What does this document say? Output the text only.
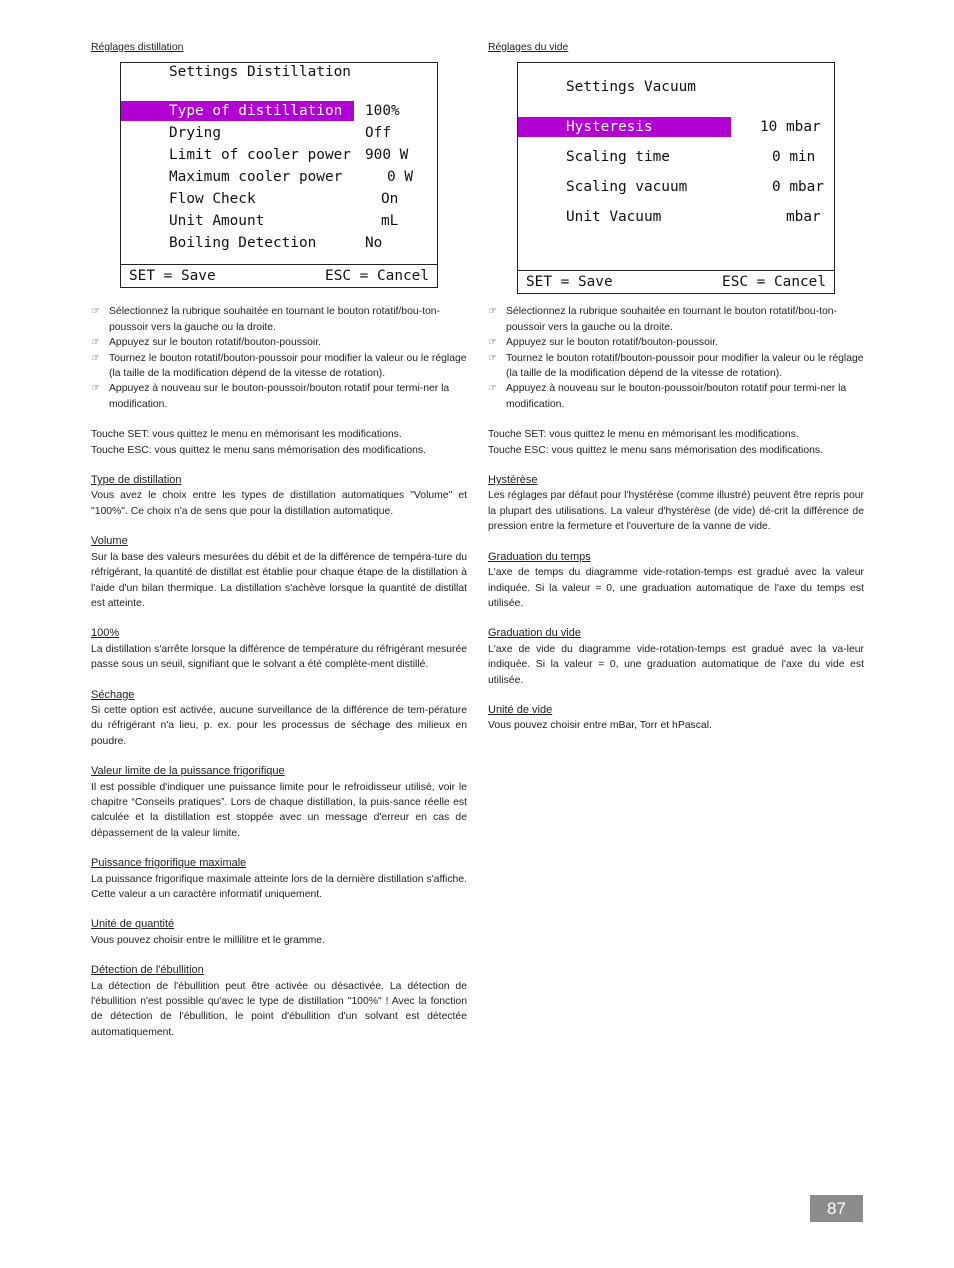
Réglages distillation
Settings Distillation
Type of distillation 100%
Drying	Off
Limit of cooler power 900 W
Maximum cooler power	0 W
Flow Check	On
Unit Amount	mL
Boiling Detection	No
SET = Save	ESC = Cancel
☞ Sélectionnez la rubrique souhaitée en tournant le bouton rotatif/bou-ton-poussoir vers la gauche ou la droite.
☞ Appuyez sur le bouton rotatif/bouton-poussoir.
☞ Tournez le bouton rotatif/bouton-poussoir pour modifier la valeur ou le réglage (la taille de la modification dépend de la vitesse de rotation).
☞ Appuyez à nouveau sur le bouton-poussoir/bouton rotatif pour termi-ner la modification.

Touche SET: vous quittez le menu en mémorisant les modifications.

Touche ESC: vous quittez le menu sans mémorisation des modifications.

Type de distillation

Vous avez le choix entre les types de distillation automatiques "Volume" et "100%". Ce choix n'a de sens que pour la distillation automatique.

Volume

Sur la base des valeurs mesurées du débit et de la différence de tempéra-ture du réfrigérant, la quantité de distillat est établie pour chaque étape de la distillation à l'aide d'un bilan thermique. La distillation s'achève lorsque la quantité de distillat est atteinte.

100%

La distillation s'arrête lorsque la différence de température du réfrigérant mesurée passe sous un seuil, signifiant que le solvant a été complète-ment distillé.

Séchage

Si cette option est activée, aucune surveillance de la différence de tem-pérature du réfrigérant n'a lieu, p. ex. pour les processus de séchage des milieux en poudre.

Valeur limite de la puissance frigorifique

Il est possible d'indiquer une puissance limite pour le refroidisseur utilisé, voir le chapitre “Conseils pratiques”. Lors de chaque distillation, la puis-sance réelle est calculée et la distillation est stoppée avec un message d'erreur en cas de dépassement de la valeur limite.

Puissance frigorifique maximale

La puissance frigorifique maximale atteinte lors de la dernière distillation s'affiche. Cette valeur a un caractère informatif uniquement.

Unité de quantité

Vous pouvez choisir entre le millilitre et le gramme.

Détection de l'ébullition

La détection de l'ébullition peut être activée ou désactivée. La détection de l'ébullition n'est possible qu'avec le type de distillation "100%" ! Avec la fonction de détection de l'ébullition, le point d'ébullition d'un solvant est détectée automatiquement.

Réglages du vide
Settings Vacuum
Hysteresis	10 mbar
Scaling time	0 min
Scaling vacuum	0 mbar
Unit Vacuum	mbar
SET = Save	ESC = Cancel
☞ Sélectionnez la rubrique souhaitée en tournant le bouton rotatif/bou-ton-poussoir vers la gauche ou la droite.
☞ Appuyez sur le bouton rotatif/bouton-poussoir.
☞ Tournez le bouton rotatif/bouton-poussoir pour modifier la valeur ou le réglage (la taille de la modification dépend de la vitesse de rotation).
☞ Appuyez à nouveau sur le bouton-poussoir/bouton rotatif pour termi-ner la modification.

Touche SET: vous quittez le menu en mémorisant les modifications.

Touche ESC: vous quittez le menu sans mémorisation des modifications.

Hystérèse

Les réglages par défaut pour l'hystérèse (comme illustré) peuvent être repris pour la plupart des utilisations. La valeur d'hystérèse (de vide) dé-crit la différence de pression entre la fermeture et l'ouverture de la vanne de vide.

Graduation du temps

L'axe de temps du diagramme vide-rotation-temps est gradué avec la valeur indiquée. Si la valeur = 0, une graduation automatique de l'axe du temps est utilisée.

Graduation du vide

L'axe de vide du diagramme vide-rotation-temps est gradué avec la va-leur indiquée. Si la valeur = 0, une graduation automatique de l'axe du vide est utilisée.

Unité de vide

Vous pouvez choisir entre mBar, Torr et hPascal.

87
